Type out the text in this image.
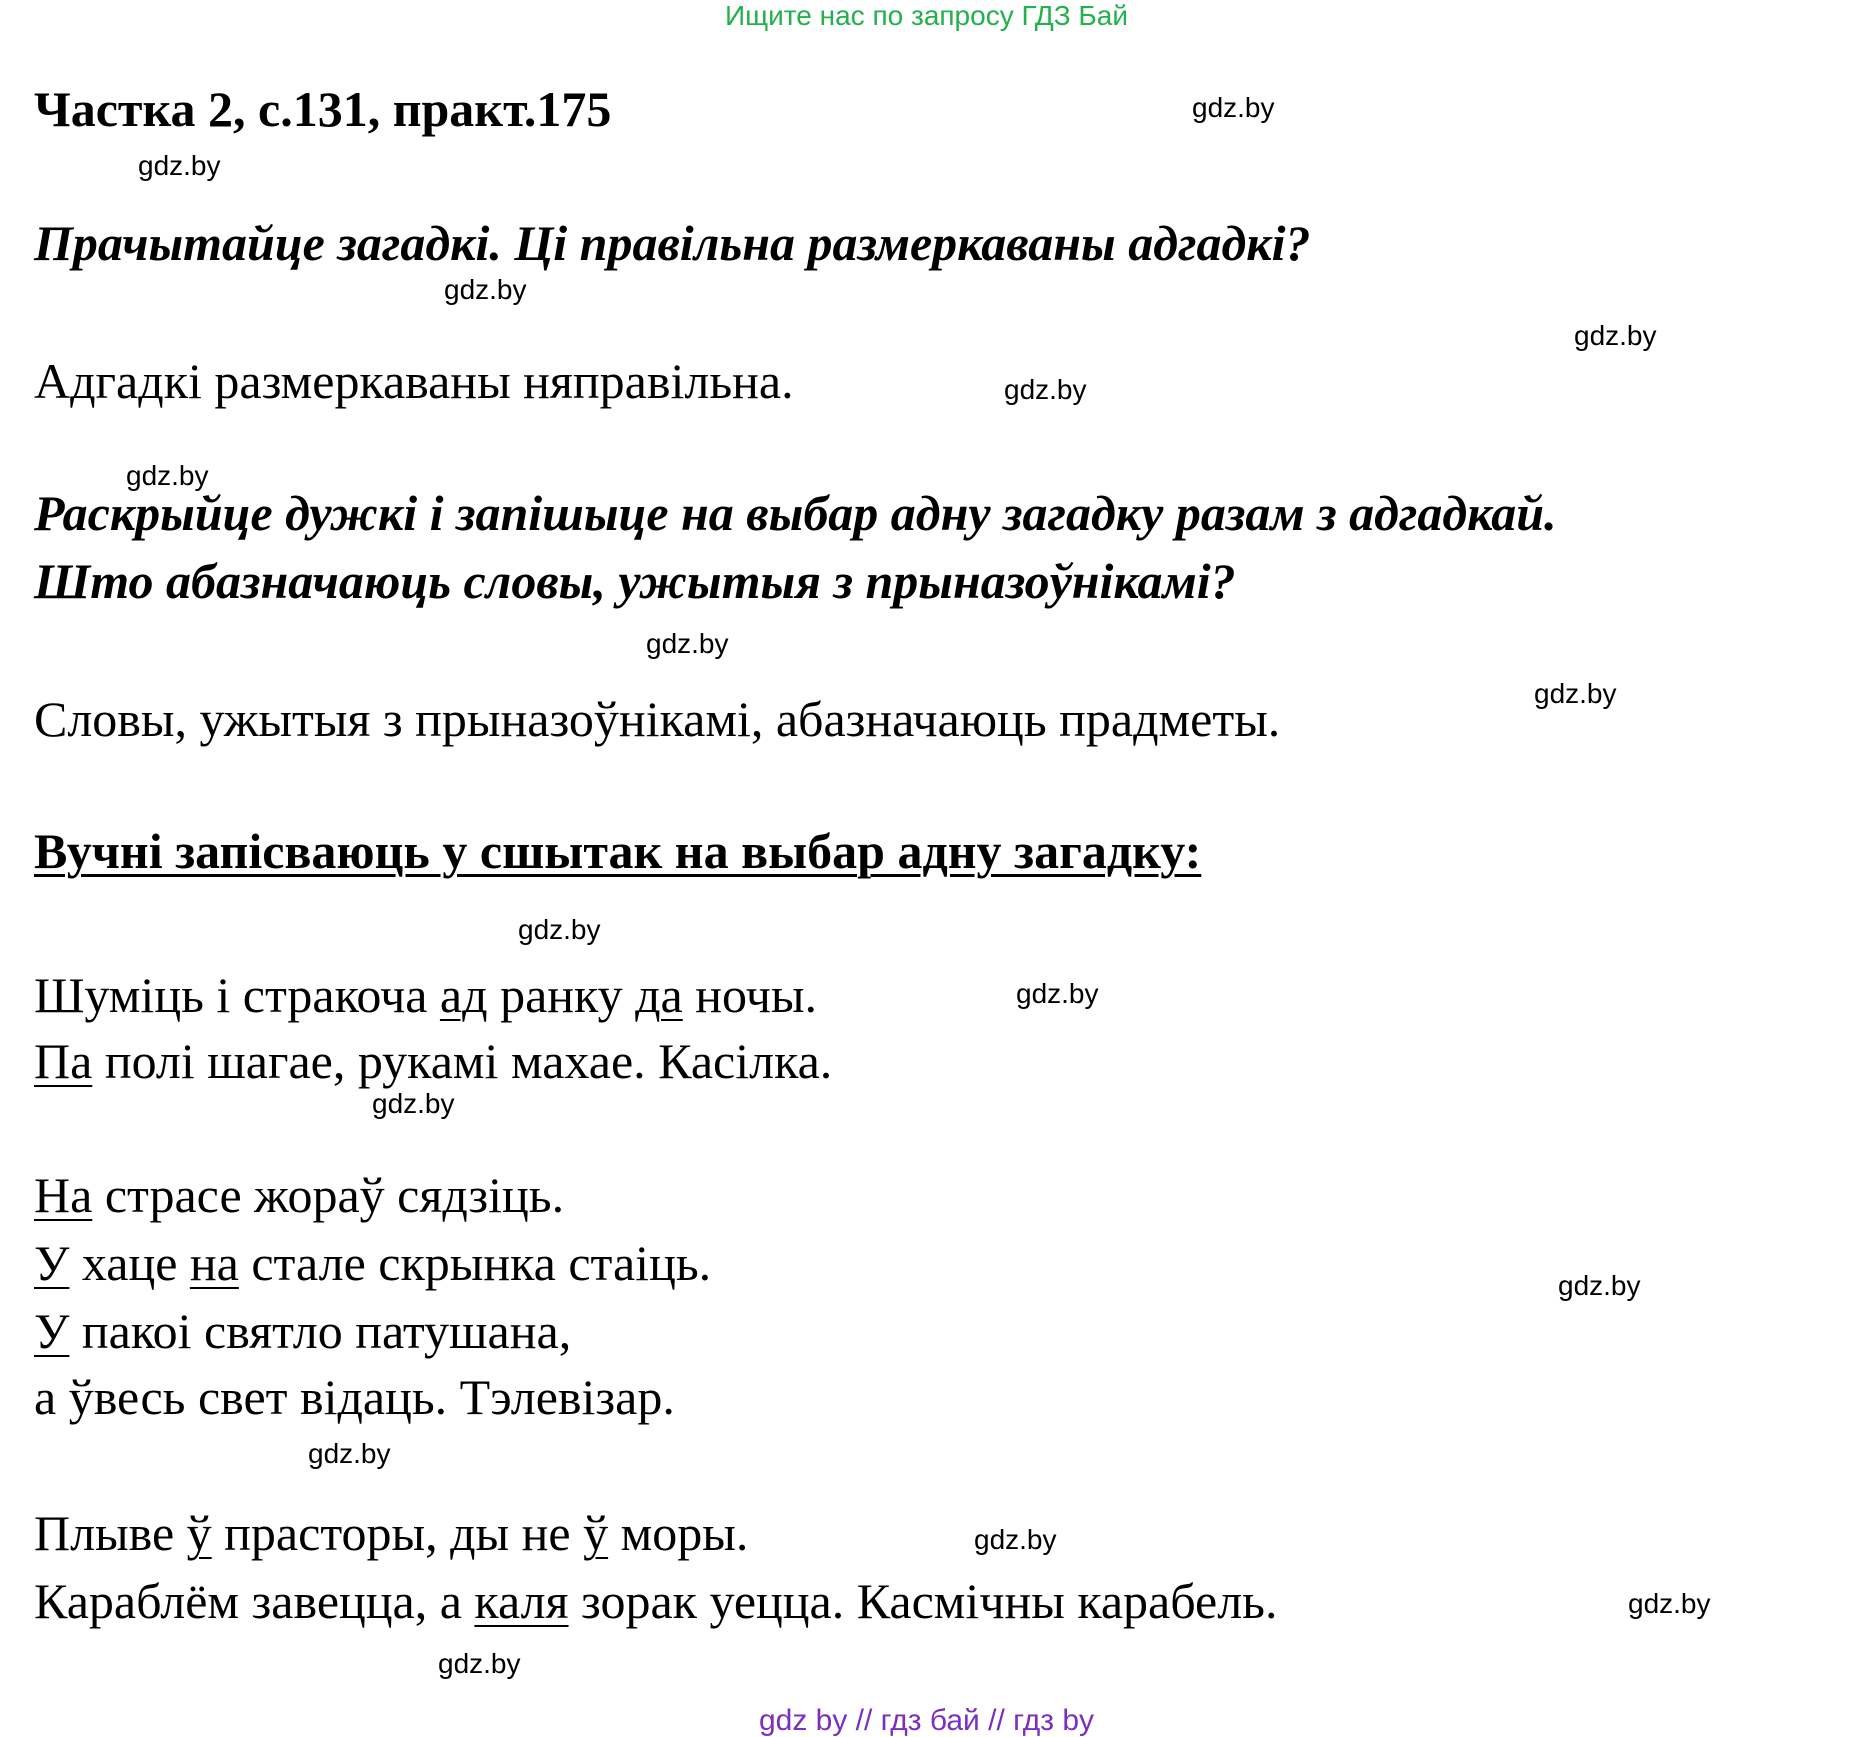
Ищите нас по запросу ГДЗ Бай
Частка 2, с.131, практ.175
Прачытайце загадкі. Ці правільна размеркаваны адгадкі?
Адгадкі размеркаваны няправільна.
Раскрыйце дужкі і запішыце на выбар адну загадку разам з адгадкай.
Што абазначаюць словы, ужытыя з прыназоўнікамі?
Словы, ужытыя з прыназоўнікамі, абазначаюць прадметы.
Вучні запісваюць у сшытак на выбар адну загадку:
Шуміць і стракоча ад ранку да ночы.
Па полі шагае, рукамі махае. Касілка.
На страсе жораў сядзіць.
У хаце на стале скрынка стаіць.
У пакоі святло патушана,
а ўвесь свет відаць. Тэлевізар.
Плыве ў прасторы, ды не ў моры.
Караблём завецца, а каля зорак уецца. Касмічны карабель.
gdz.by
gdz.by
gdz.by
gdz.by
gdz.by
gdz.by
gdz.by
gdz.by
gdz.by
gdz.by
gdz.by
gdz.by
gdz.by
gdz.by
gdz.by
gdz.by
gdz by // гдз бай // гдз by
